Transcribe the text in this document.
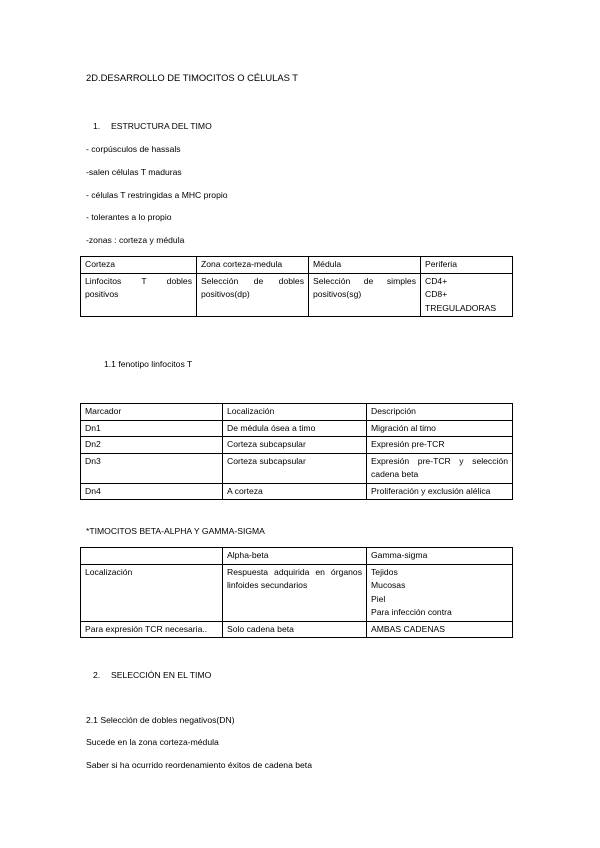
2D.DESARROLLO DE TIMOCITOS O CÉLULAS T
1. ESTRUCTURA DEL TIMO
- corpúsculos de hassals
-salen células T maduras
- células T restringidas a MHC propio
- tolerantes a lo propio
-zonas : corteza y médula
Corteza	Zona corteza-medula	Médula	Periferia
Linfocitos T dobles positivos	Selección de dobles positivos(dp)	Selección de simples positivos(sg)	CD4+
CD8+
TREGULADORAS
1.1 fenotipo linfocitos T
Marcador	Localización	Descripción
Dn1	De médula ósea a timo	Migración al timo
Dn2	Corteza subcapsular	Expresión pre-TCR
Dn3	Corteza subcapsular	Expresión pre-TCR y selección cadena beta
Dn4	A corteza	Proliferación y exclusión alélica
*TIMOCITOS BETA-ALPHA Y GAMMA-SIGMA
	Alpha-beta	Gamma-sigma
Localización	Respuesta adquirida en órganos linfoides secundarios	Tejidos
Mucosas
Piel
Para infección contra

Para expresión TCR necesaria..	Solo cadena beta	AMBAS CADENAS
2. SELECCIÓN EN EL TIMO
2.1 Selección de dobles negativos(DN)
Sucede en la zona corteza-médula
Saber si ha ocurrido reordenamiento éxitos de cadena beta
